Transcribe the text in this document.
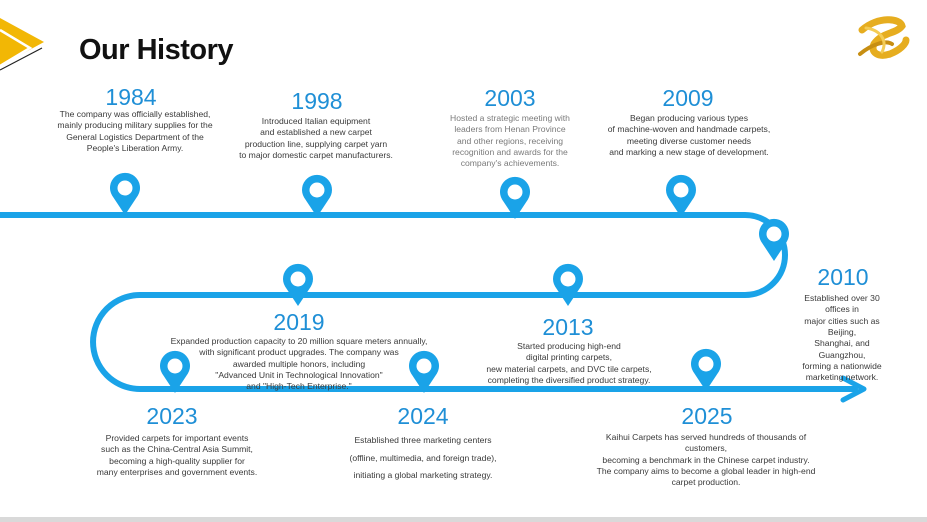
Our History
1984
The company was officially established,
mainly producing military supplies for the
General Logistics Department of the
People's Liberation Army.
1998
Introduced Italian equipment
and established a new carpet
production line, supplying carpet yarn
to major domestic carpet manufacturers.
2003
Hosted a strategic meeting with
leaders from Henan Province
and other regions, receiving
recognition and awards for the
company's achievements.
2009
Began producing various types
of machine-woven and handmade carpets,
meeting diverse customer needs
and marking a new stage of development.
2010
Established over 30 offices in
major cities such as Beijing,
Shanghai, and Guangzhou,
forming a nationwide
marketing network.
2013
Started producing high-end
digital printing carpets,
new material carpets, and DVC tile carpets,
completing the diversified product strategy.
2019
Expanded production capacity to 20 million square meters annually,
with significant product upgrades. The company was
awarded multiple honors, including
"Advanced Unit in Technological Innovation"
and "High-Tech Enterprise."
2023
Provided carpets for important events
such as the China-Central Asia Summit,
becoming a high-quality supplier for
many enterprises and government events.
2024
Established three marketing centers
(offline, multimedia, and foreign trade),
initiating a global marketing strategy.
2025
Kaihui Carpets has served hundreds of thousands of customers,
becoming a benchmark in the Chinese carpet industry.
The company aims to become a global leader in high-end carpet production.
